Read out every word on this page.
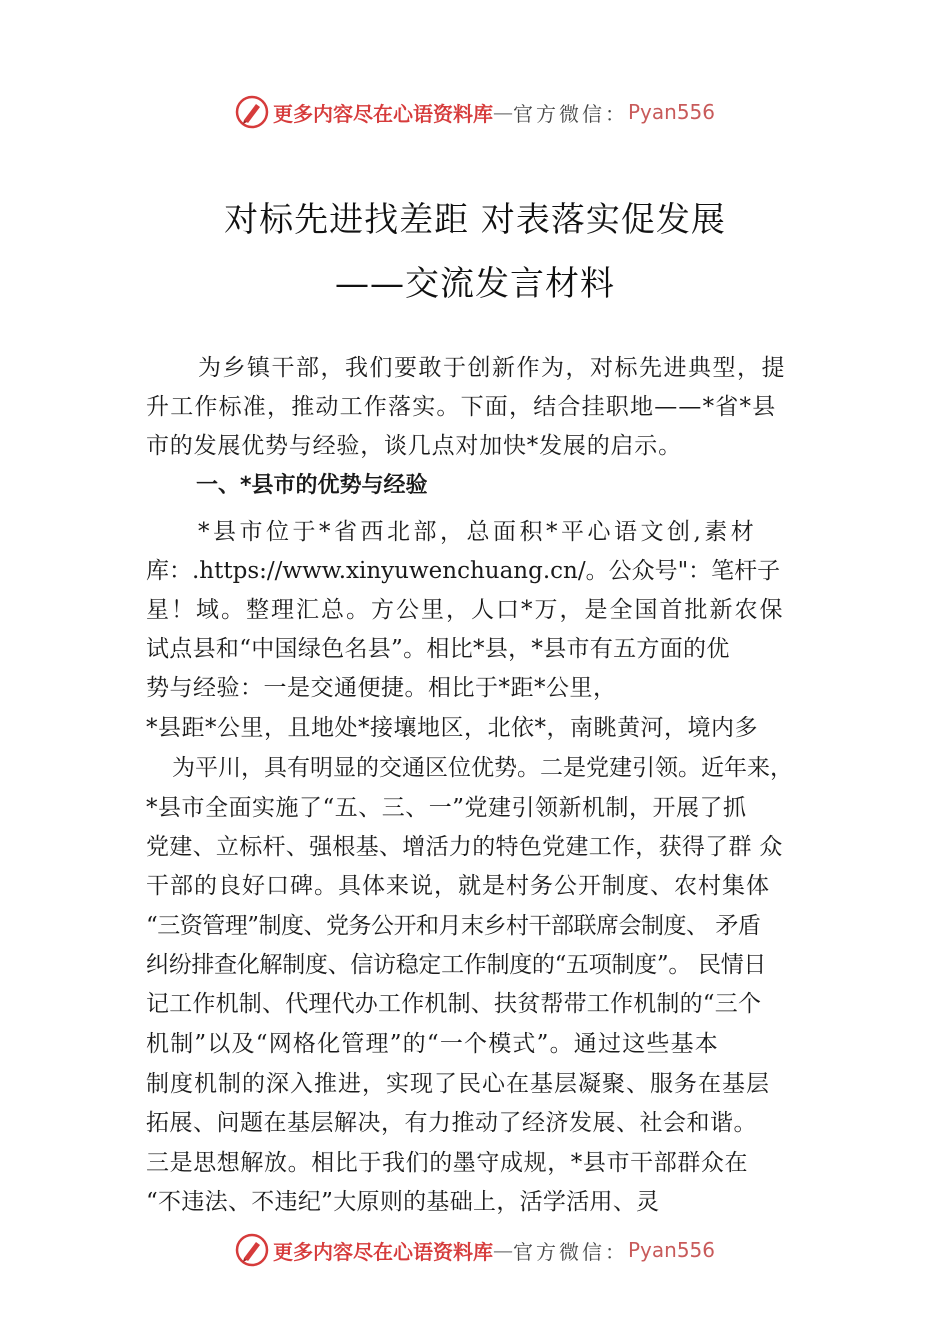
更多内容尽在心语资料库 — 官方微信： Pyan556
对标先进找差距 对表落实促发展
——交流发言材料
为乡镇干部，我们要敢于创新作为，对标先进典型，提
升工作标准，推动工作落实。下面，结合挂职地——*省*县
市的发展优势与经验，谈几点对加快*发展的启示。
一、*县市的优势与经验
*县市位于*省西北部，总面积*平心语文创,素材
库：.https://www.xinyuwenchuang.cn/。公众号"：笔杆子
星！域。整理汇总。方公里，人口*万，是全国首批新农保
试点县和“中国绿色名县”。相比*县，*县市有五方面的优
势与经验：一是交通便捷。相比于*距*公里，
*县距*公里，且地处*接壤地区，北依*，南眺黄河，境内多
为平川，具有明显的交通区位优势。二是党建引领。近年来，
*县市全面实施了“五、三、一”党建引领新机制，开展了抓
党建、立标杆、强根基、增活力的特色党建工作，获得了群 众
干部的良好口碑。具体来说，就是村务公开制度、农村集体
“三资管理”制度、党务公开和月末乡村干部联席会制度、 矛盾
纠纷排查化解制度、信访稳定工作制度的“五项制度”。 民情日
记工作机制、代理代办工作机制、扶贫帮带工作机制的“三个
机制”以及“网格化管理”的“一个模式”。通过这些基本
制度机制的深入推进，实现了民心在基层凝聚、服务在基层
拓展、问题在基层解决，有力推动了经济发展、社会和谐。
三是思想解放。相比于我们的墨守成规，*县市干部群众在
“不违法、不违纪”大原则的基础上，活学活用、灵
更多内容尽在心语资料库 — 官方微信： Pyan556
